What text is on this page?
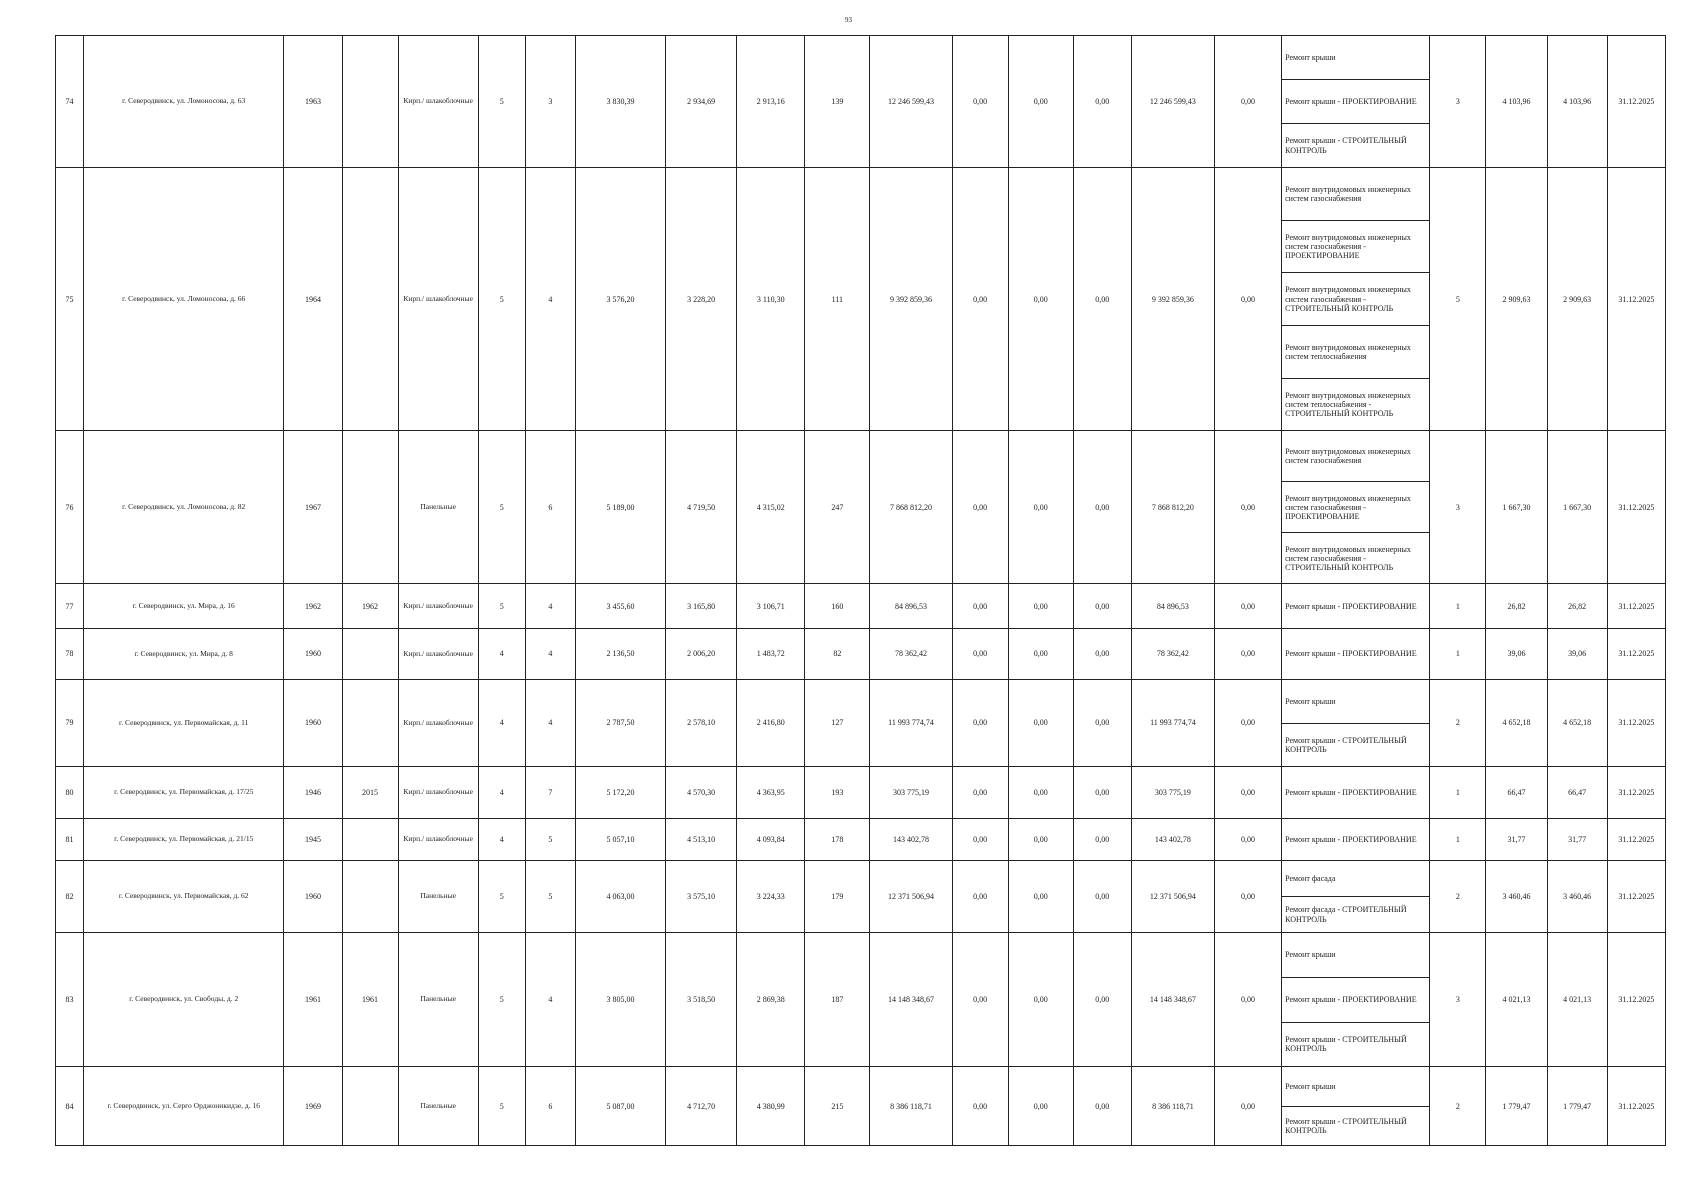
93
74	г. Северодвинск, ул. Ломоносова, д. 63	1963		Кирп./ шлакоблочные	5	3	3 830,39	2 934,69	2 913,16	139	12 246 599,43	0,00	0,00	0,00	12 246 599,43	0,00	Ремонт крыши
Ремонт крыши - ПРОЕКТИРОВАНИЕ
Ремонт крыши - СТРОИТЕЛЬНЫЙ КОНТРОЛЬ	3	4 103,96	4 103,96	31.12.2025
75	г. Северодвинск, ул. Ломоносова, д. 66	1964		Кирп./ шлакоблочные	5	4	3 576,20	3 228,20	3 110,30	111	9 392 859,36	0,00	0,00	0,00	9 392 859,36	0,00	Ремонт внутридомовых инженерных систем газоснабжения
Ремонт внутридомовых инженерных систем газоснабжения - ПРОЕКТИРОВАНИЕ
Ремонт внутридомовых инженерных систем газоснабжения - СТРОИТЕЛЬНЫЙ КОНТРОЛЬ
Ремонт внутридомовых инженерных систем теплоснабжения
Ремонт внутридомовых инженерных систем теплоснабжения - СТРОИТЕЛЬНЫЙ КОНТРОЛЬ	5	2 909,63	2 909,63	31.12.2025
76	г. Северодвинск, ул. Ломоносова, д. 82	1967		Панельные	5	6	5 189,00	4 719,50	4 315,02	247	7 868 812,20	0,00	0,00	0,00	7 868 812,20	0,00	Ремонт внутридомовых инженерных систем газоснабжения
Ремонт внутридомовых инженерных систем газоснабжения - ПРОЕКТИРОВАНИЕ
Ремонт внутридомовых инженерных систем газоснабжения - СТРОИТЕЛЬНЫЙ КОНТРОЛЬ	3	1 667,30	1 667,30	31.12.2025
77	г. Северодвинск, ул. Мира, д. 16	1962	1962	Кирп./ шлакоблочные	5	4	3 455,60	3 165,80	3 106,71	160	84 896,53	0,00	0,00	0,00	84 896,53	0,00	Ремонт крыши - ПРОЕКТИРОВАНИЕ	1	26,82	26,82	31.12.2025
78	г. Северодвинск, ул. Мира, д. 8	1960		Кирп./ шлакоблочные	4	4	2 136,50	2 006,20	1 483,72	82	78 362,42	0,00	0,00	0,00	78 362,42	0,00	Ремонт крыши - ПРОЕКТИРОВАНИЕ	1	39,06	39,06	31.12.2025
79	г. Северодвинск, ул. Первомайская, д. 11	1960		Кирп./ шлакоблочные	4	4	2 787,50	2 578,10	2 416,80	127	11 993 774,74	0,00	0,00	0,00	11 993 774,74	0,00	Ремонт крыши
Ремонт крыши - СТРОИТЕЛЬНЫЙ КОНТРОЛЬ	2	4 652,18	4 652,18	31.12.2025
80	г. Северодвинск, ул. Первомайская, д. 17/25	1946	2015	Кирп./ шлакоблочные	4	7	5 172,20	4 570,30	4 363,95	193	303 775,19	0,00	0,00	0,00	303 775,19	0,00	Ремонт крыши - ПРОЕКТИРОВАНИЕ	1	66,47	66,47	31.12.2025
81	г. Северодвинск, ул. Первомайская, д. 21/15	1945		Кирп./ шлакоблочные	4	5	5 057,10	4 513,10	4 093,84	178	143 402,78	0,00	0,00	0,00	143 402,78	0,00	Ремонт крыши - ПРОЕКТИРОВАНИЕ	1	31,77	31,77	31.12.2025
82	г. Северодвинск, ул. Первомайская, д. 62	1960		Панельные	5	5	4 063,00	3 575,10	3 224,33	179	12 371 506,94	0,00	0,00	0,00	12 371 506,94	0,00	Ремонт фасада
Ремонт фасада - СТРОИТЕЛЬНЫЙ КОНТРОЛЬ	2	3 460,46	3 460,46	31.12.2025
83	г. Северодвинск, ул. Свободы, д. 2	1961	1961	Панельные	5	4	3 805,00	3 518,50	2 869,38	187	14 148 348,67	0,00	0,00	0,00	14 148 348,67	0,00	Ремонт крыши
Ремонт крыши - ПРОЕКТИРОВАНИЕ
Ремонт крыши - СТРОИТЕЛЬНЫЙ КОНТРОЛЬ	3	4 021,13	4 021,13	31.12.2025
84	г. Северодвинск, ул. Серго Орджоникидзе, д. 16	1969		Панельные	5	6	5 087,00	4 712,70	4 380,99	215	8 386 118,71	0,00	0,00	0,00	8 386 118,71	0,00	Ремонт крыши
Ремонт крыши - СТРОИТЕЛЬНЫЙ КОНТРОЛЬ	2	1 779,47	1 779,47	31.12.2025
